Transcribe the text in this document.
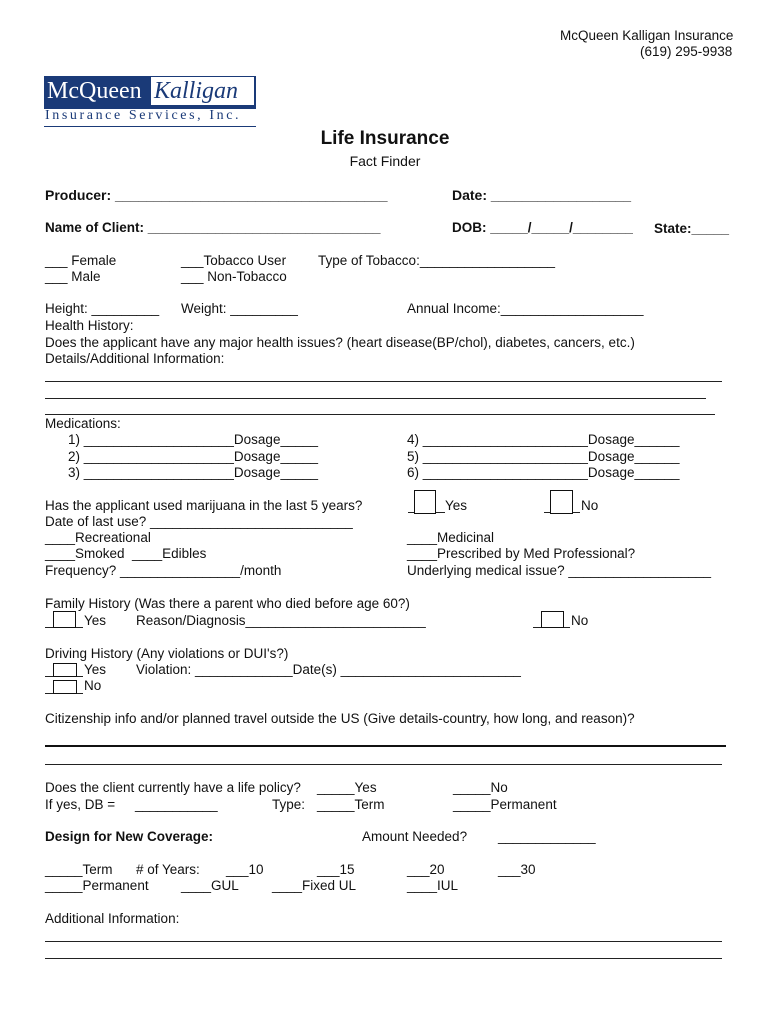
McQueen Kalligan Insurance
(619) 295-9938
McQueen Kalligan
Insurance Services, Inc.
Life Insurance
Fact Finder
Producer: ___________________________________	Date: __________________
Name of Client: _______________________________	DOB: _____/_____/________ State:_____
___ Female
___ Male
___Tobacco User
___ Non-Tobacco
Type of Tobacco:__________________
Height: _________ Weight: _________	Annual Income:___________________
Health History:
Does the applicant have any major health issues? (heart disease(BP/chol), diabetes, cancers, etc.)
Details/Additional Information:
Medications:
1) ____________________Dosage_____
2) ____________________Dosage_____
3) ____________________Dosage_____
4) ______________________Dosage______
5) ______________________Dosage______
6) ______________________Dosage______
Has the applicant used marijuana in the last 5 years?	Yes	No
Date of last use? ___________________________
____Recreational	____Medicinal
____Smoked  ____Edibles	____Prescribed by Med Professional?
Frequency? ________________/month	Underlying medical issue? ___________________
Family History (Was there a parent who died before age 60?)
Yes Reason/Diagnosis________________________	No
Driving History (Any violations or DUI's?)
Yes Violation: _____________Date(s) ________________________
No
Citizenship info and/or planned travel outside the US (Give details-country, how long, and reason)?
Does the client currently have a life policy? _____Yes	_____No
If yes, DB = ___________	Type: _____Term	_____Permanent
Design for New Coverage:	Amount Needed? _____________
_____Term # of Years: ___10	___15	___20	___30
_____Permanent ____GUL ____Fixed UL	____IUL
Additional Information:
